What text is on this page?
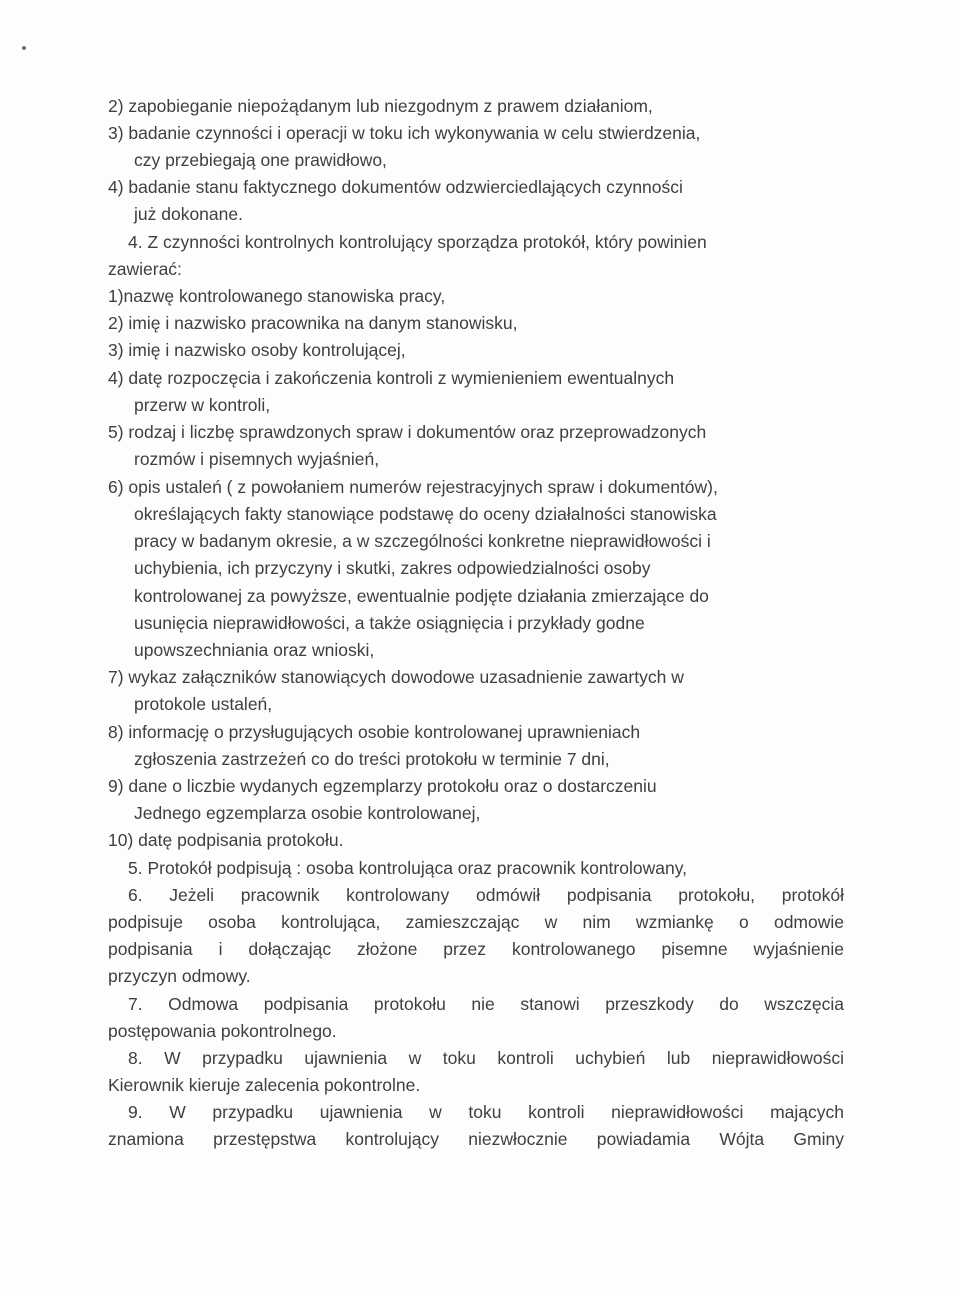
2) zapobieganie niepożądanym lub niezgodnym z prawem działaniom,

3) badanie czynności i operacji w toku ich wykonywania w celu stwierdzenia,

czy przebiegają one prawidłowo,

4) badanie stanu faktycznego dokumentów odzwierciedlających czynności

już dokonane.

4. Z czynności kontrolnych kontrolujący sporządza protokół, który powinien

zawierać:

1)nazwę kontrolowanego stanowiska pracy,

2) imię i nazwisko pracownika na danym stanowisku,

3) imię i nazwisko osoby kontrolującej,

4) datę rozpoczęcia i zakończenia kontroli z wymienieniem ewentualnych

przerw w kontroli,

5) rodzaj i liczbę sprawdzonych spraw i dokumentów oraz przeprowadzonych

rozmów i pisemnych wyjaśnień,

6) opis ustaleń ( z powołaniem numerów rejestracyjnych spraw i dokumentów),

określających fakty stanowiące podstawę do oceny działalności stanowiska

pracy w badanym okresie, a w szczególności konkretne nieprawidłowości i

uchybienia, ich przyczyny i skutki, zakres odpowiedzialności osoby

kontrolowanej za powyższe, ewentualnie podjęte działania zmierzające do

usunięcia nieprawidłowości, a także osiągnięcia i przykłady godne

upowszechniania oraz wnioski,

7) wykaz załączników stanowiących dowodowe uzasadnienie zawartych w

protokole ustaleń,

8) informację o przysługujących osobie kontrolowanej uprawnieniach

zgłoszenia zastrzeżeń co do treści protokołu w terminie 7 dni,

9) dane o liczbie wydanych egzemplarzy protokołu oraz o dostarczeniu

Jednego egzemplarza osobie kontrolowanej,

10) datę podpisania protokołu.

5. Protokół podpisują : osoba kontrolująca oraz pracownik kontrolowany,

6. Jeżeli pracownik kontrolowany odmówił podpisania protokołu, protokół

podpisuje osoba kontrolująca, zamieszczając w nim wzmiankę o odmowie

podpisania i dołączając złożone przez kontrolowanego pisemne wyjaśnienie

przyczyn odmowy.

7. Odmowa podpisania protokołu nie stanowi przeszkody do wszczęcia

postępowania pokontrolnego.

8. W przypadku ujawnienia w toku kontroli uchybień lub nieprawidłowości

Kierownik kieruje zalecenia pokontrolne.

9. W przypadku ujawnienia w toku kontroli nieprawidłowości mających

znamiona przestępstwa kontrolujący niezwłocznie powiadamia Wójta Gminy
